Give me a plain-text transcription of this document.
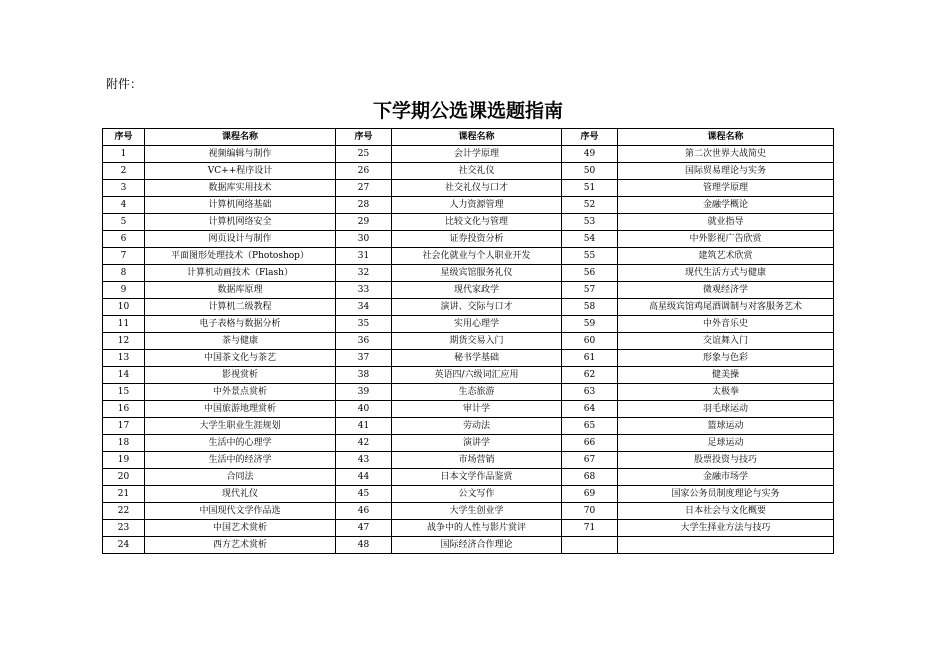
附件：
下学期公选课选题指南
序号	课程名称	序号	课程名称	序号	课程名称
1	视频编辑与制作	25	会计学原理	49	第二次世界大战简史
2	VC++程序设计	26	社交礼仪	50	国际贸易理论与实务
3	数据库实用技术	27	社交礼仪与口才	51	管理学原理
4	计算机网络基础	28	人力资源管理	52	金融学概论
5	计算机网络安全	29	比较文化与管理	53	就业指导
6	网页设计与制作	30	证券投资分析	54	中外影视广告欣赏
7	平面图形处理技术（Photoshop）	31	社会化就业与个人职业开发	55	建筑艺术欣赏
8	计算机动画技术（Flash）	32	星级宾馆服务礼仪	56	现代生活方式与健康
9	数据库原理	33	现代家政学	57	微观经济学
10	计算机二级教程	34	演讲、交际与口才	58	高星级宾馆鸡尾酒调制与对客服务艺术
11	电子表格与数据分析	35	实用心理学	59	中外音乐史
12	茶与健康	36	期货交易入门	60	交谊舞入门
13	中国茶文化与茶艺	37	秘书学基础	61	形象与色彩
14	影视赏析	38	英语四/六级词汇应用	62	健美操
15	中外景点赏析	39	生态旅游	63	太极拳
16	中国旅游地理赏析	40	审计学	64	羽毛球运动
17	大学生职业生涯规划	41	劳动法	65	篮球运动
18	生活中的心理学	42	演讲学	66	足球运动
19	生活中的经济学	43	市场营销	67	股票投资与技巧
20	合同法	44	日本文学作品鉴赏	68	金融市场学
21	现代礼仪	45	公文写作	69	国家公务员制度理论与实务
22	中国现代文学作品选	46	大学生创业学	70	日本社会与文化概要
23	中国艺术赏析	47	战争中的人性与影片赏评	71	大学生择业方法与技巧
24	西方艺术赏析	48	国际经济合作理论		
